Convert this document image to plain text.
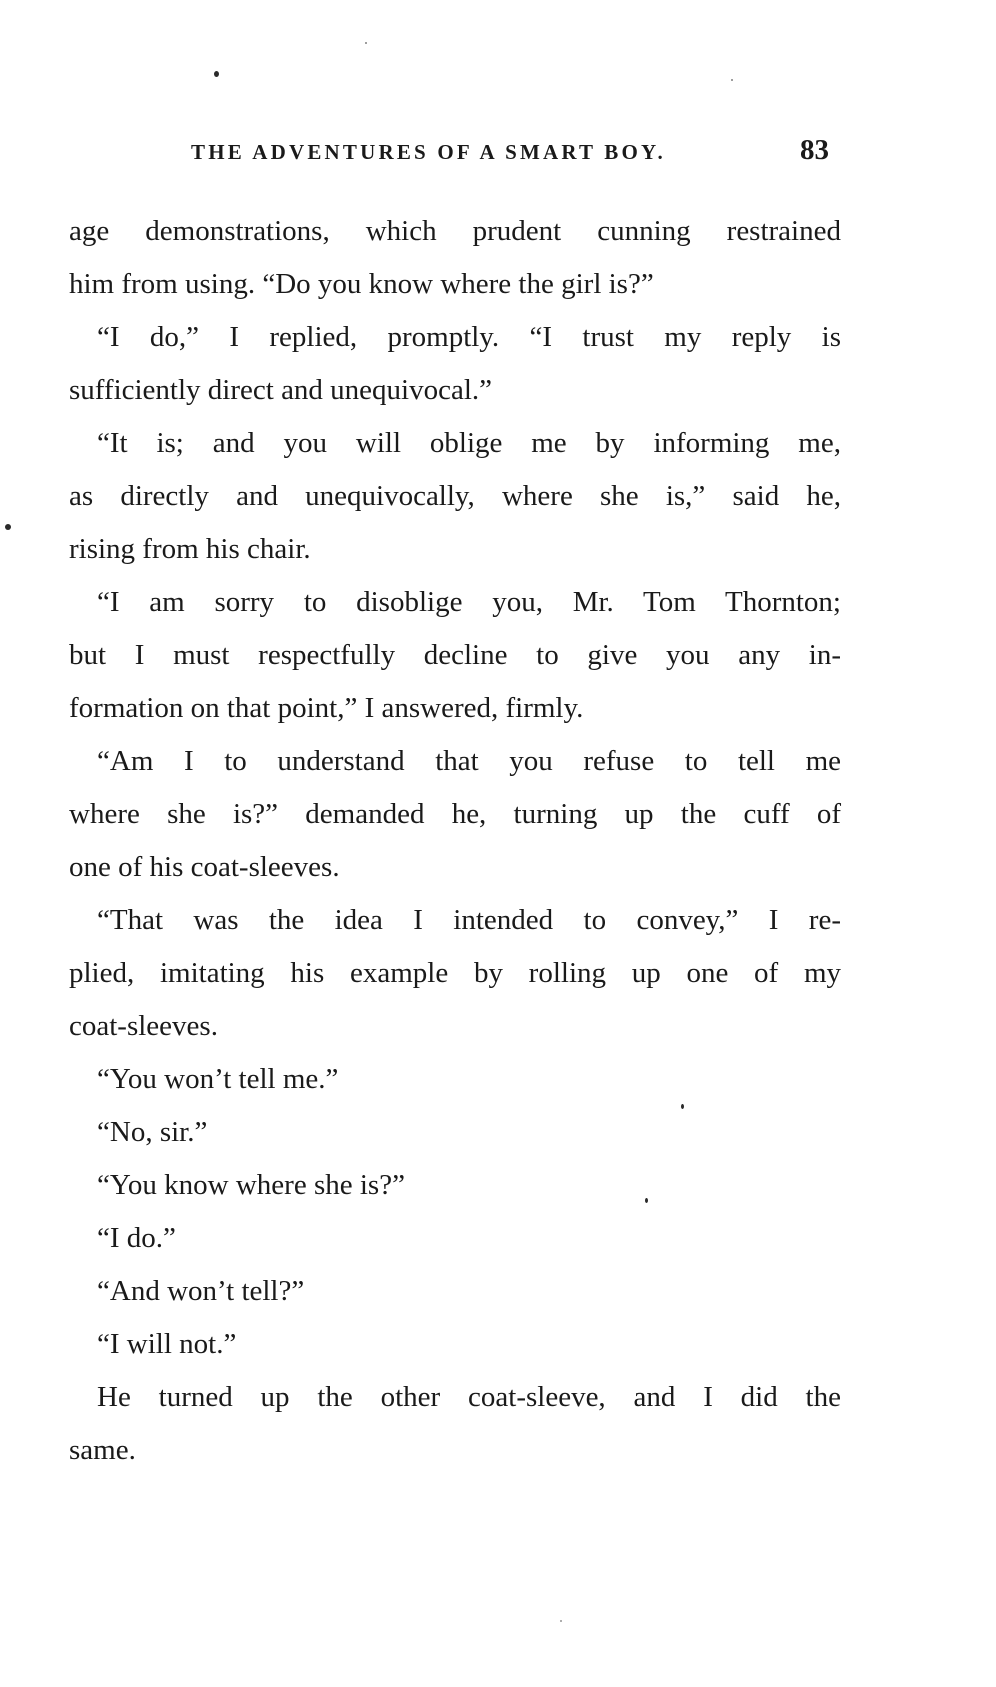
THE ADVENTURES OF A SMART BOY.	83
age demonstrations, which prudent cunning restrained
him from using. “Do you know where the girl is?”
“I do,” I replied, promptly. “I trust my reply is
sufficiently direct and unequivocal.”
“It is; and you will oblige me by informing me,
as directly and unequivocally, where she is,” said he,
rising from his chair.
“I am sorry to disoblige you, Mr. Tom Thornton;
but I must respectfully decline to give you any in-
formation on that point,” I answered, firmly.
“Am I to understand that you refuse to tell me
where she is?” demanded he, turning up the cuff of
one of his coat-sleeves.
“That was the idea I intended to convey,” I re-
plied, imitating his example by rolling up one of my
coat-sleeves.
“You won’t tell me.”
“No, sir.”
“You know where she is?”
“I do.”
“And won’t tell?”
“I will not.”
He turned up the other coat-sleeve, and I did the
same.
